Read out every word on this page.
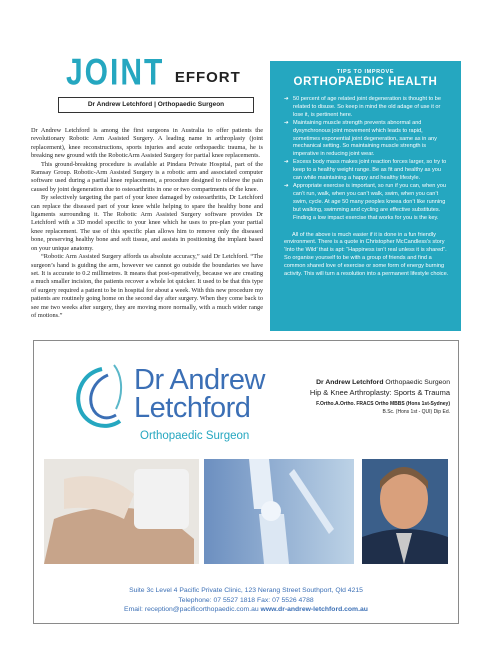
JOINT EFFORT
Dr Andrew Letchford | Orthopaedic Surgeon

Dr Andrew Letchford is among the first surgeons in Australia to offer patients the revolutionary Robotic Arm Assisted Surgery. A leading name in arthroplasty (joint replacement), knee reconstructions, sports injuries and acute orthopaedic trauma, he is breaking new ground with the RoboticArm Assisted Surgery for partial knee replacements.

This ground-breaking procedure is available at Pindara Private Hospital, part of the Ramsay Group. Robotic-Arm Assisted Surgery is a robotic arm and associated computer software used during a partial knee replacement, a procedure designed to relieve the pain caused by joint degeneration due to osteoarthritis in one or two compartments of the knee.

By selectively targeting the part of your knee damaged by osteoarthritis, Dr Letchford can replace the diseased part of your knee while helping to spare the healthy bone and ligaments surrounding it. The Robotic Arm Assisted Surgery software provides Dr Letchford with a 3D model specific to your knee which he uses to pre-plan your partial knee replacement. The use of this specific plan allows him to remove only the diseased bone, preserving healthy bone and soft tissue, and assists in positioning the implant based on your unique anatomy.

“Robotic Arm Assisted Surgery affords us absolute accuracy,” said Dr Letchford. “The surgeon’s hand is guiding the arm, however we cannot go outside the boundaries we have set. It is accurate to 0.2 millimetres. It means that post-operatively, because we are creating a much smaller incision, the patients recover a whole lot quicker. It used to be that this type of surgery required a patient to be in hospital for about a week. With this new procedure my patients are routinely going home on the second day after surgery. When they come back to see me two weeks after surgery, they are moving more normally, with a much wider range of motions.”

TIPS TO IMPROVE
ORTHOPAEDIC HEALTH
➔ 50 percent of age related joint degeneration is thought to be related to disuse. So keep in mind the old adage of use it or lose it, is pertinent here.
➔ Maintaining muscle strength prevents abnormal and dysynchronous joint movement which leads to rapid, sometimes exponential joint degeneration, same as in any mechanical setting. So maintaining muscle strength is imperative in reducing joint wear.
➔ Excess body mass makes joint reaction forces larger, so try to keep to a healthy weight range. Be as fit and healthy as you can while maintaining a happy and healthy lifestyle.
➔ Appropriate exercise is important, so run if you can, when you can’t run, walk, when you can’t walk, swim, when you can’t swim, cycle. At age 50 many peoples kneea don’t like running but walking, swimming and cycling are effective substitutes. Finding a low impact exercise that works for you is the key.

All of the above is much easier if it is done in a fun friendly environment. There is a quote in Christopher McCandless’s story ‘Into the Wild’ that is apt: “Happiness isn’t real unless it is shared”. So organise yourself to be with a group of friends and find a common shared love of exercise or some form of energy burning activity. This will turn a resolution into a permanent lifestyle choice.

Dr Andrew
Letchford
Orthopaedic Surgeon
Dr Andrew Letchford Orthopaedic Surgeon
Hip & Knee Arthroplasty: Sports & Trauma
F.Ortho.A.Ortho. FRACS Ortho MBBS (Hons 1st-Sydney)
B.Sc. (Hons 1st - QUI) Dip Ed.
Suite 3c Level 4 Pacific Private Clinic, 123 Nerang Street Southport, Qld 4215
Telephone: 07 5527 1818 Fax: 07 5526 4788
Email: reception@pacificorthopaedic.com.au www.dr-andrew-letchford.com.au
